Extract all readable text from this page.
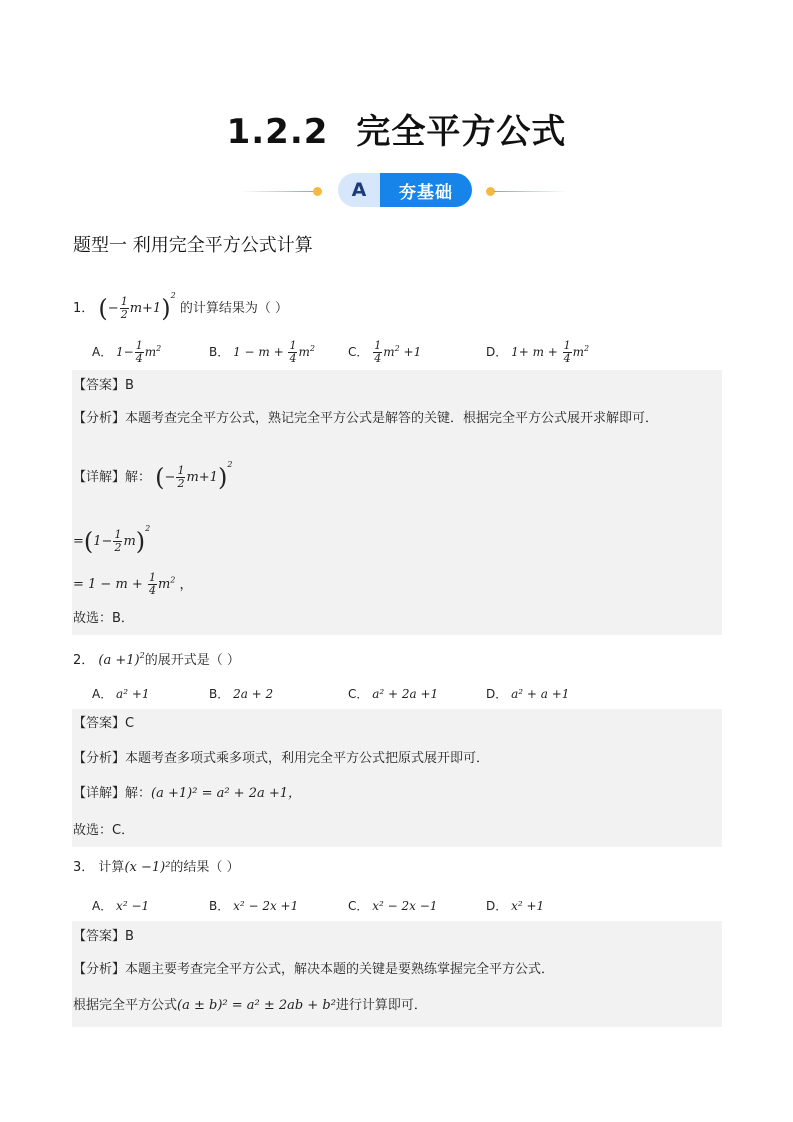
1.2.2 完全平方公式
A	夯基础
题型一 利用完全平方公式计算
1． (− $\frac{1}{2} m+1)^2$ 的计算结果为（ ）
A． $1- \frac{1}{4} m^2$	B． $1 - m + \frac{1}{4} m^2$	C． $\frac{1}{4} m^2 +1$	D． $1+ m + \frac{1}{4} m^2$
【答案】B
【分析】本题考查完全平方公式，熟记完全平方公式是解答的关键．根据完全平方公式展开求解即可．
【详解】解： (− $\frac{1}{2} m+1)^2$
$=(1- \frac{1}{2} m)^2$
= $1 - m + \frac{1}{4} m^2$ ，
故选：B．
2． $(a +1)^2$的展开式是（ ）
A． a² +1	B． 2a + 2	C． a² + 2a +1	D． a² + a +1
【答案】C
【分析】本题考查多项式乘多项式，利用完全平方公式把原式展开即可．
【详解】解：(a +1)² = a² + 2a +1，
故选：C．
3． 计算(x −1)²的结果（ ）
A． x² −1	B． x² − 2x +1	C． x² − 2x −1	D． x² +1
【答案】B
【分析】本题主要考查完全平方公式，解决本题的关键是要熟练掌握完全平方公式．
根据完全平方公式(a ± b)² = a² ± 2ab + b²进行计算即可．
